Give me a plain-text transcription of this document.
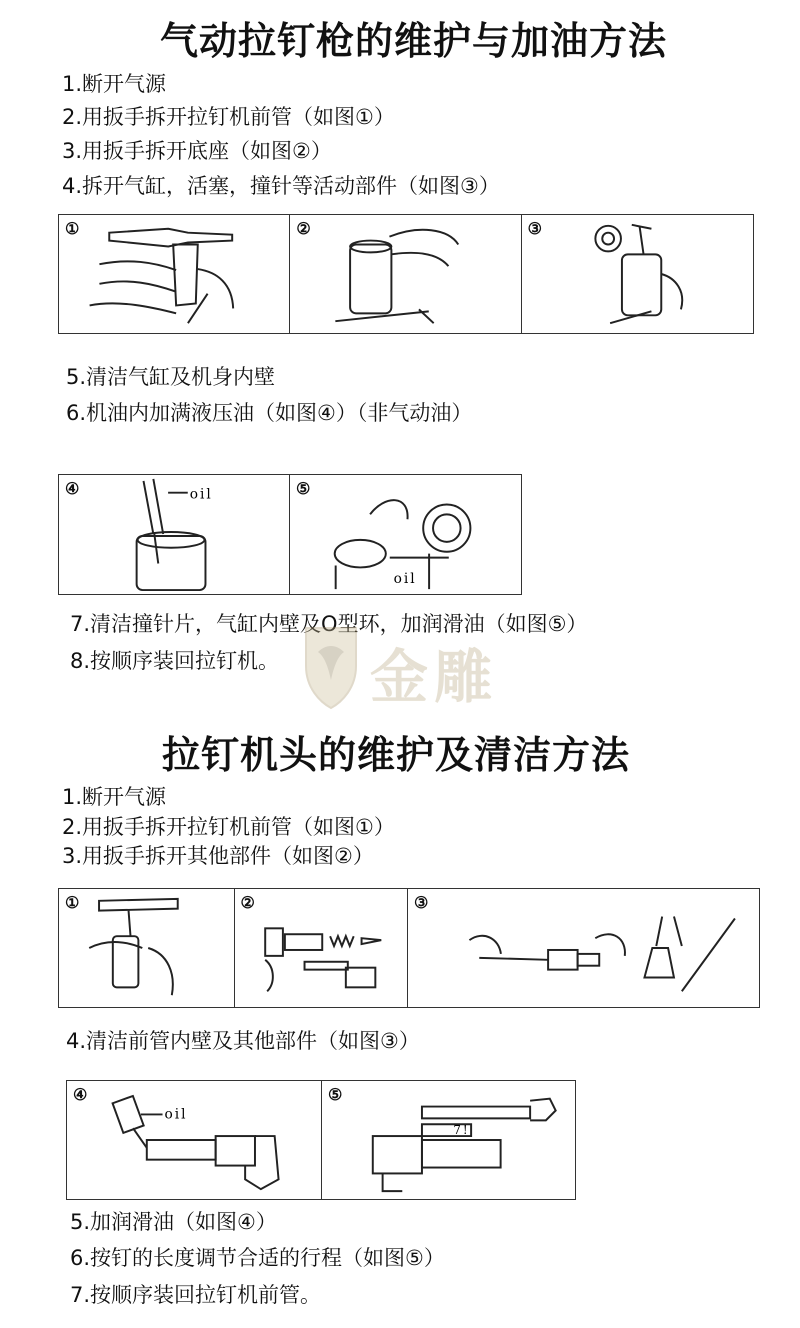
气动拉钉枪的维护与加油方法
1.断开气源
2.用扳手拆开拉钉机前管（如图①）
3.用扳手拆开底座（如图②）
4.拆开气缸，活塞，撞针等活动部件（如图③）
①	②	③
5.清洁气缸及机身内壁
6.机油内加满液压油（如图④）（非气动油）
④	oil	⑤
oil
7.清洁撞针片，气缸内壁及O型环，加润滑油（如图⑤）
8.按顺序装回拉钉机。 金雕
拉钉机头的维护及清洁方法
1.断开气源
2.用扳手拆开拉钉机前管（如图①）
3.用扳手拆开其他部件（如图②）
①	②	③
4.清洁前管内壁及其他部件（如图③）
④
oil
⑤
7!
5.加润滑油（如图④）
6.按钉的长度调节合适的行程（如图⑤）
7.按顺序装回拉钉机前管。
